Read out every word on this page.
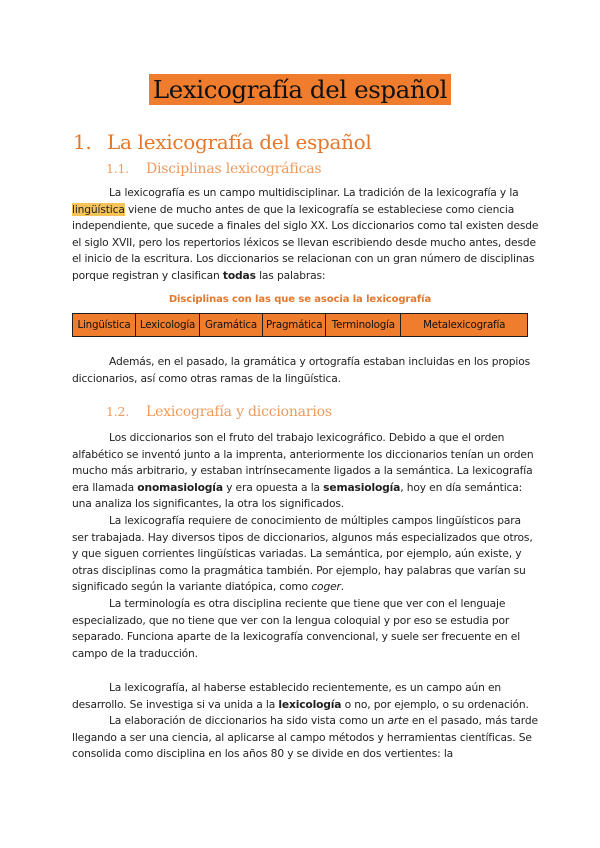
Lexicografía del español
1. La lexicografía del español
1.1. Disciplinas lexicográficas

La lexicografía es un campo multidisciplinar. La tradición de la lexicografía y la lingüística viene de mucho antes de que la lexicografía se estableciese como ciencia independiente, que sucede a finales del siglo XX. Los diccionarios como tal existen desde el siglo XVII, pero los repertorios léxicos se llevan escribiendo desde mucho antes, desde el inicio de la escritura. Los diccionarios se relacionan con un gran número de disciplinas porque registran y clasifican todas las palabras:

Disciplinas con las que se asocia la lexicografía
Lingüística	Lexicología	Gramática	Pragmática	Terminología	Metalexicografía

Además, en el pasado, la gramática y ortografía estaban incluidas en los propios diccionarios, así como otras ramas de la lingüística.

1.2. Lexicografía y diccionarios

Los diccionarios son el fruto del trabajo lexicográfico. Debido a que el orden alfabético se inventó junto a la imprenta, anteriormente los diccionarios tenían un orden mucho más arbitrario, y estaban intrínsecamente ligados a la semántica. La lexicografía era llamada onomasiología y era opuesta a la semasiología, hoy en día semántica: una analiza los significantes, la otra los significados.

La lexicografía requiere de conocimiento de múltiples campos lingüísticos para ser trabajada. Hay diversos tipos de diccionarios, algunos más especializados que otros, y que siguen corrientes lingüísticas variadas. La semántica, por ejemplo, aún existe, y otras disciplinas como la pragmática también. Por ejemplo, hay palabras que varían su significado según la variante diatópica, como coger.

La terminología es otra disciplina reciente que tiene que ver con el lenguaje especializado, que no tiene que ver con la lengua coloquial y por eso se estudia por separado. Funciona aparte de la lexicografía convencional, y suele ser frecuente en el campo de la traducción.

La lexicografía, al haberse establecido recientemente, es un campo aún en desarrollo. Se investiga si va unida a la lexicología o no, por ejemplo, o su ordenación.

La elaboración de diccionarios ha sido vista como un arte en el pasado, más tarde llegando a ser una ciencia, al aplicarse al campo métodos y herramientas científicas. Se consolida como disciplina en los años 80 y se divide en dos vertientes: la
